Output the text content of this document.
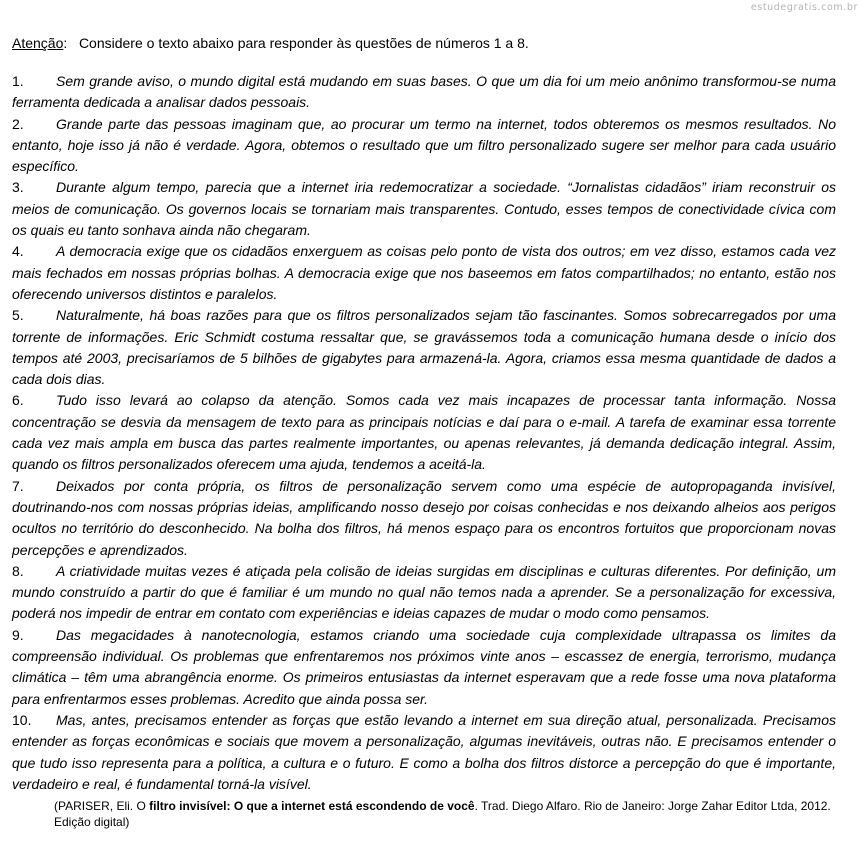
estudegratis.com.br

Atenção:   Considere o texto abaixo para responder às questões de números 1 a 8.

1. Sem grande aviso, o mundo digital está mudando em suas bases. O que um dia foi um meio anônimo transformou-se numa ferramenta dedicada a analisar dados pessoais.

2. Grande parte das pessoas imaginam que, ao procurar um termo na internet, todos obteremos os mesmos resultados. No entanto, hoje isso já não é verdade. Agora, obtemos o resultado que um filtro personalizado sugere ser melhor para cada usuário específico.

3. Durante algum tempo, parecia que a internet iria redemocratizar a sociedade. “Jornalistas cidadãos” iriam reconstruir os meios de comunicação. Os governos locais se tornariam mais transparentes. Contudo, esses tempos de conectividade cívica com os quais eu tanto sonhava ainda não chegaram.

4. A democracia exige que os cidadãos enxerguem as coisas pelo ponto de vista dos outros; em vez disso, estamos cada vez mais fechados em nossas próprias bolhas. A democracia exige que nos baseemos em fatos compartilhados; no entanto, estão nos oferecendo universos distintos e paralelos.

5. Naturalmente, há boas razões para que os filtros personalizados sejam tão fascinantes. Somos sobrecarregados por uma torrente de informações. Eric Schmidt costuma ressaltar que, se gravássemos toda a comunicação humana desde o início dos tempos até 2003, precisaríamos de 5 bilhões de gigabytes para armazená-la. Agora, criamos essa mesma quantidade de dados a cada dois dias.

6. Tudo isso levará ao colapso da atenção. Somos cada vez mais incapazes de processar tanta informação. Nossa concentração se desvia da mensagem de texto para as principais notícias e daí para o e-mail. A tarefa de examinar essa torrente cada vez mais ampla em busca das partes realmente importantes, ou apenas relevantes, já demanda dedicação integral. Assim, quando os filtros personalizados oferecem uma ajuda, tendemos a aceitá-la.

7. Deixados por conta própria, os filtros de personalização servem como uma espécie de autopropaganda invisível, doutrinando-nos com nossas próprias ideias, amplificando nosso desejo por coisas conhecidas e nos deixando alheios aos perigos ocultos no território do desconhecido. Na bolha dos filtros, há menos espaço para os encontros fortuitos que proporcionam novas percepções e aprendizados.

8. A criatividade muitas vezes é atiçada pela colisão de ideias surgidas em disciplinas e culturas diferentes. Por definição, um mundo construído a partir do que é familiar é um mundo no qual não temos nada a aprender. Se a personalização for excessiva, poderá nos impedir de entrar em contato com experiências e ideias capazes de mudar o modo como pensamos.

9. Das megacidades à nanotecnologia, estamos criando uma sociedade cuja complexidade ultrapassa os limites da compreensão individual. Os problemas que enfrentaremos nos próximos vinte anos – escassez de energia, terrorismo, mudança climática – têm uma abrangência enorme. Os primeiros entusiastas da internet esperavam que a rede fosse uma nova plataforma para enfrentarmos esses problemas. Acredito que ainda possa ser.

10. Mas, antes, precisamos entender as forças que estão levando a internet em sua direção atual, personalizada. Precisamos entender as forças econômicas e sociais que movem a personalização, algumas inevitáveis, outras não. E precisamos entender o que tudo isso representa para a política, a cultura e o futuro. E como a bolha dos filtros distorce a percepção do que é importante, verdadeiro e real, é fundamental torná-la visível.

(PARISER, Eli. O filtro invisível: O que a internet está escondendo de você. Trad. Diego Alfaro. Rio de Janeiro: Jorge Zahar Editor Ltda, 2012. Edição digital)
